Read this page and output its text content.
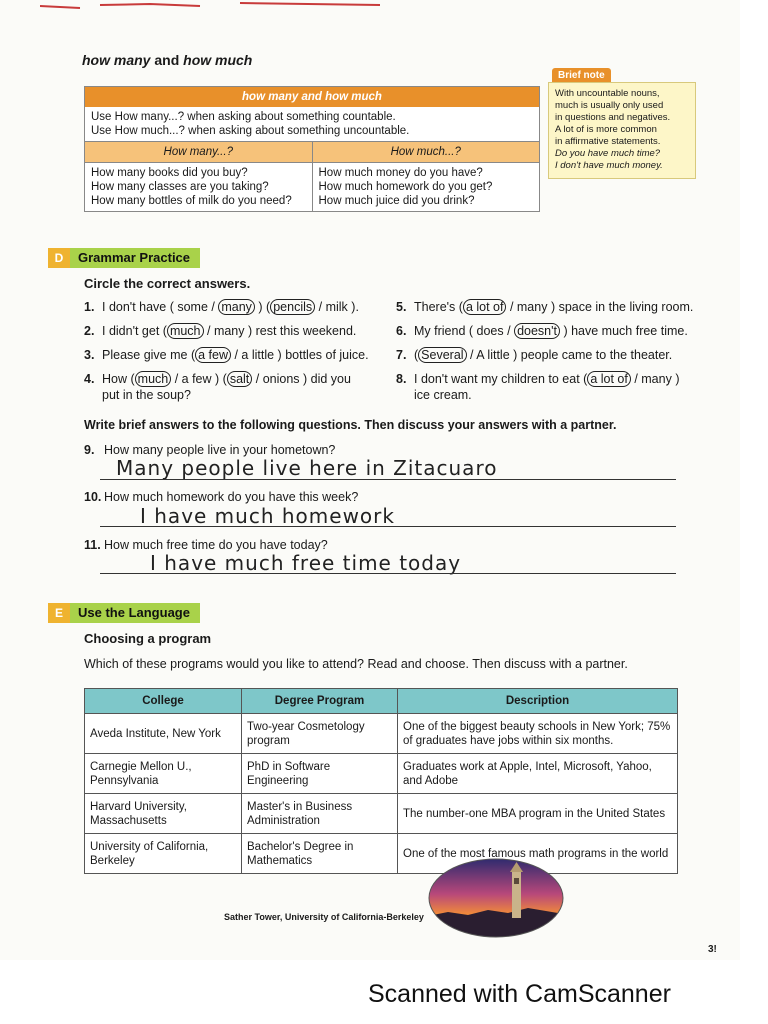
how many and how much
how many and how much
Use How many...? when asking about something countable.
Use How much...? when asking about something uncountable.
How many...?	How much...?
How many books did you buy?
How many classes are you taking?
How many bottles of milk do you need?
How much money do you have?
How much homework do you get?
How much juice did you drink?
Brief note
With uncountable nouns,
much is usually only used
in questions and negatives.
A lot of is more common
in affirmative statements.
Do you have much time?
I don't have much money.
D	Grammar Practice
Circle the correct answers.
1. I don't have ( some / many ) ( pencils / milk ).
2. I didn't get ( much / many ) rest this weekend.
3. Please give me ( a few / a little ) bottles of juice.
4. How ( much / a few ) ( salt / onions ) did you
put in the soup?
5. There's ( a lot of / many ) space in the living room.
6. My friend ( does / doesn't ) have much free time.
7. ( Several / A little ) people came to the theater.
8. I don't want my children to eat ( a lot of / many )
ice cream.
Write brief answers to the following questions. Then discuss your answers with a partner.
9. How many people live in your hometown?
Many people live here in Zitacuaro
10. How much homework do you have this week?
I have much homework
11. How much free time do you have today?
I have much free time today
E	Use the Language
Choosing a program
Which of these programs would you like to attend? Read and choose. Then discuss with a partner.
College	Degree Program	Description
Aveda Institute, New York	Two-year Cosmetology program	One of the biggest beauty schools in New York; 75% of graduates have jobs within six months.
Carnegie Mellon U., Pennsylvania	PhD in Software Engineering	Graduates work at Apple, Intel, Microsoft, Yahoo, and Adobe
Harvard University, Massachusetts	Master's in Business Administration	The number-one MBA program in the United States
University of California, Berkeley	Bachelor's Degree in Mathematics	One of the most famous math programs in the world
Sather Tower, University of California-Berkeley
3!
Scanned with CamScanner
